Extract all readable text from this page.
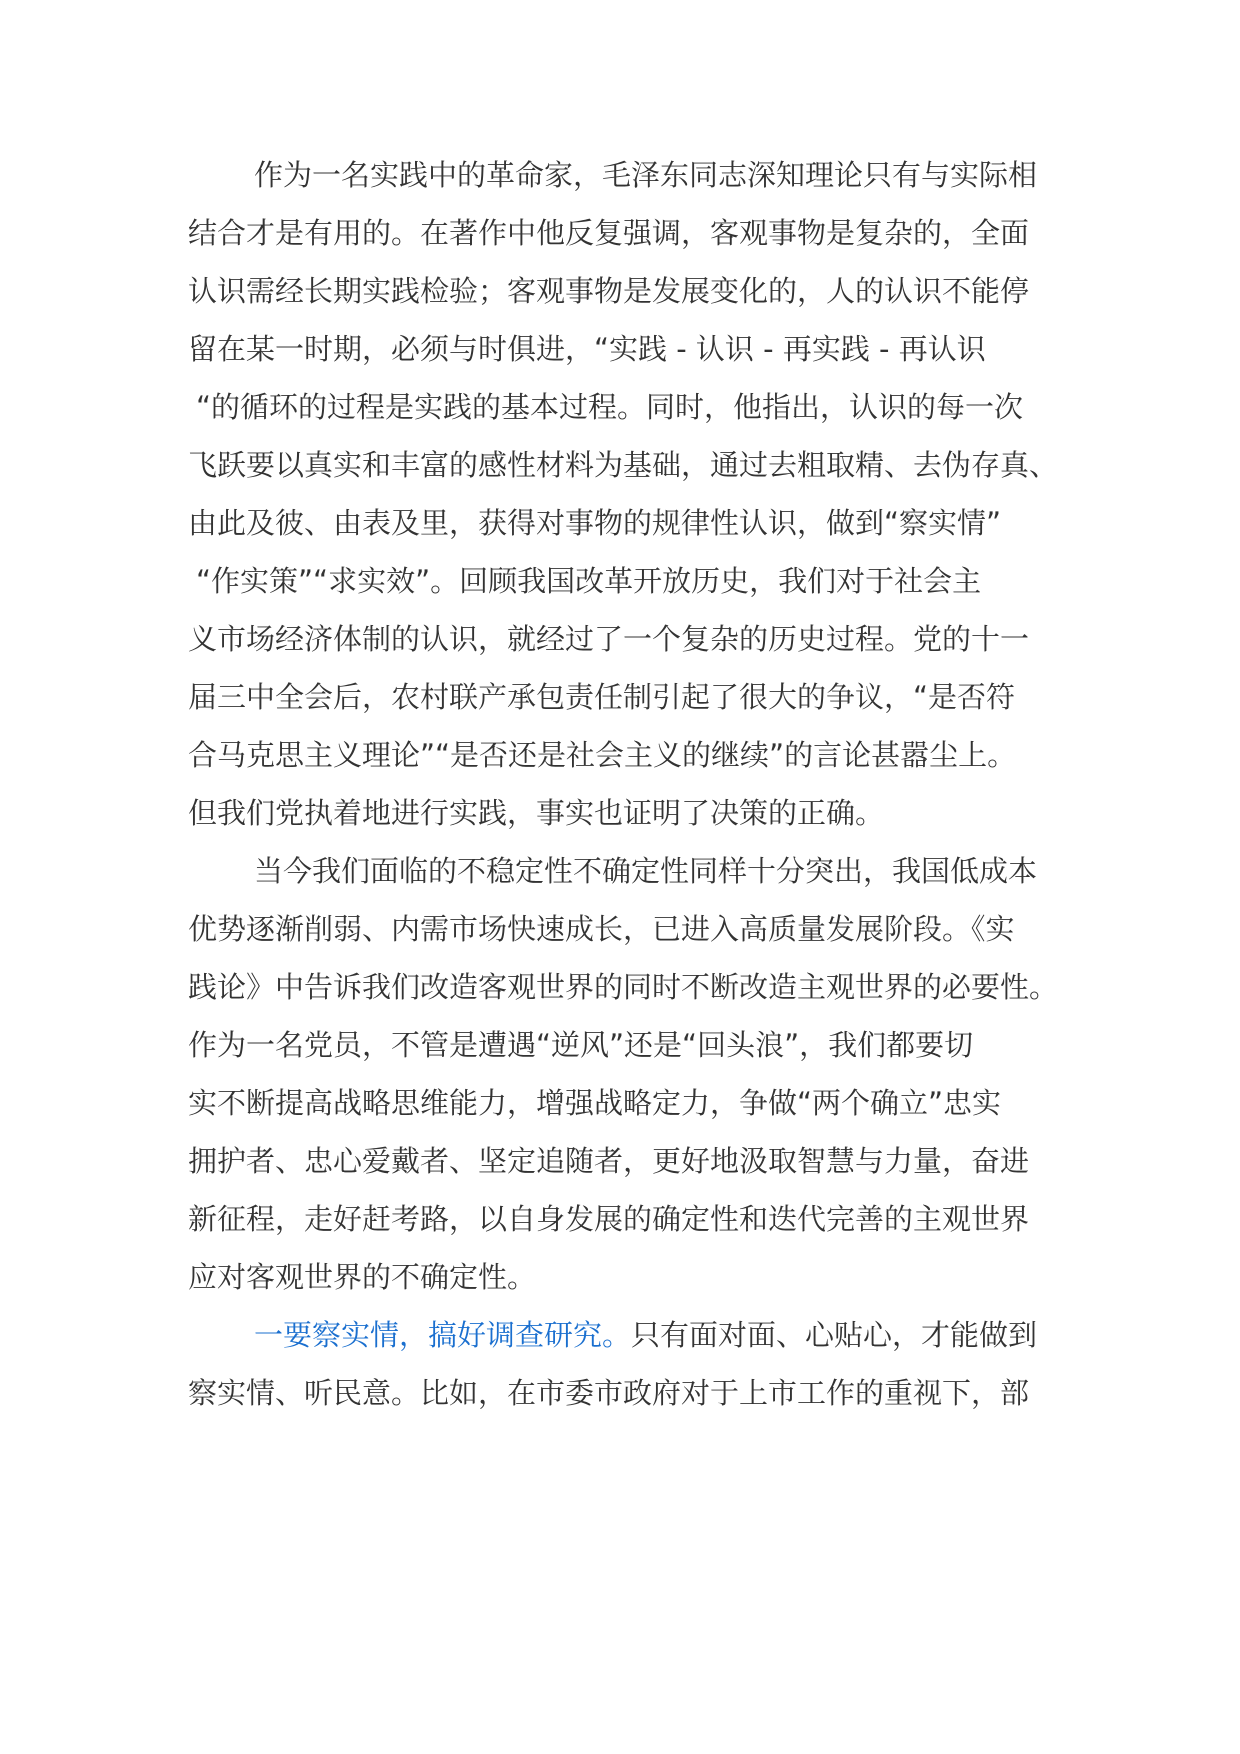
作为一名实践中的革命家，毛泽东同志深知理论只有与实际相
结合才是有用的。在著作中他反复强调，客观事物是复杂的，全面
认识需经长期实践检验；客观事物是发展变化的，人的认识不能停
留在某一时期，必须与时俱进，“实践 - 认识 - 再实践 - 再认识
“的循环的过程是实践的基本过程。同时，他指出，认识的每一次
飞跃要以真实和丰富的感性材料为基础，通过去粗取精、去伪存真、
由此及彼、由表及里，获得对事物的规律性认识，做到“察实情”
“作实策”“求实效”。回顾我国改革开放历史，我们对于社会主
义市场经济体制的认识，就经过了一个复杂的历史过程。党的十一
届三中全会后，农村联产承包责任制引起了很大的争议，“是否符
合马克思主义理论”“是否还是社会主义的继续”的言论甚嚣尘上。
但我们党执着地进行实践，事实也证明了决策的正确。
当今我们面临的不稳定性不确定性同样十分突出，我国低成本
优势逐渐削弱、内需市场快速成长，已进入高质量发展阶段。《实
践论》中告诉我们改造客观世界的同时不断改造主观世界的必要性。
作为一名党员，不管是遭遇“逆风”还是“回头浪”，我们都要切
实不断提高战略思维能力，增强战略定力，争做“两个确立”忠实
拥护者、忠心爱戴者、坚定追随者，更好地汲取智慧与力量，奋进
新征程，走好赶考路，以自身发展的确定性和迭代完善的主观世界
应对客观世界的不确定性。
一要察实情，搞好调查研究。只有面对面、心贴心，才能做到
察实情、听民意。比如，在市委市政府对于上市工作的重视下，部
